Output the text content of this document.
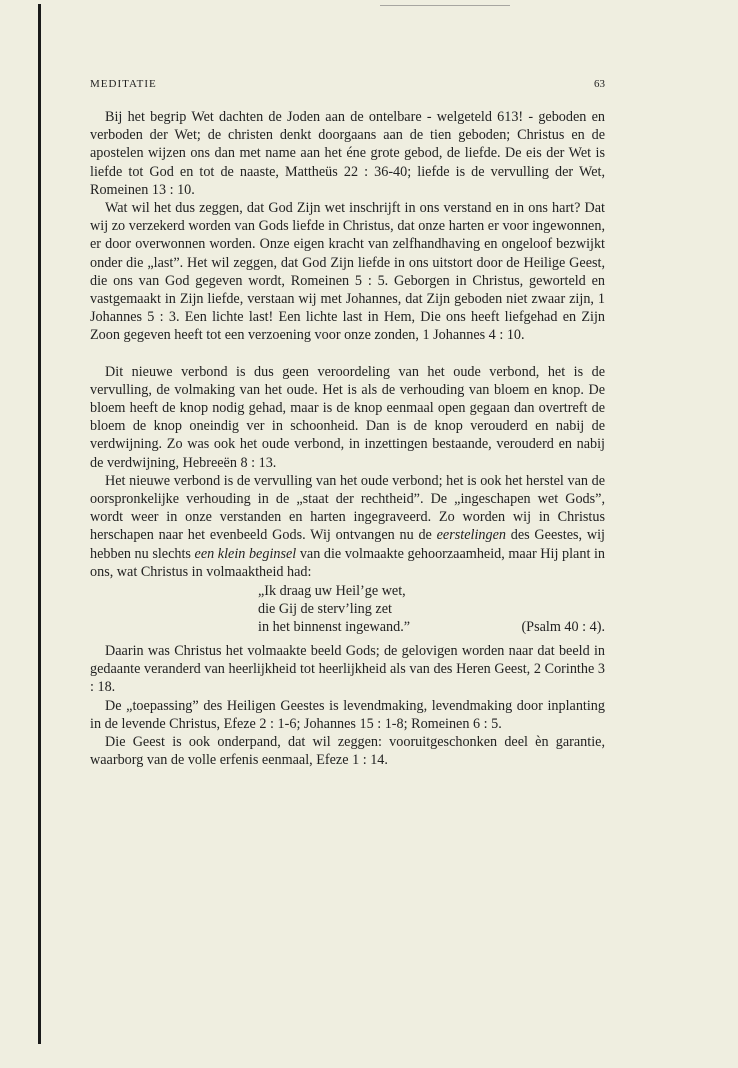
MEDITATIE	63

Bij het begrip Wet dachten de Joden aan de ontelbare - welgeteld 613! - geboden en verboden der Wet; de christen denkt doorgaans aan de tien geboden; Christus en de apostelen wijzen ons dan met name aan het éne grote gebod, de liefde. De eis der Wet is liefde tot God en tot de naaste, Mattheüs 22 : 36-40; liefde is de vervulling der Wet, Romeinen 13 : 10.

Wat wil het dus zeggen, dat God Zijn wet inschrijft in ons verstand en in ons hart? Dat wij zo verzekerd worden van Gods liefde in Christus, dat onze harten er voor ingewonnen, er door overwonnen worden. Onze eigen kracht van zelfhandhaving en ongeloof bezwijkt onder die „last”. Het wil zeggen, dat God Zijn liefde in ons uitstort door de Heilige Geest, die ons van God gegeven wordt, Romeinen 5 : 5. Geborgen in Christus, geworteld en vastgemaakt in Zijn liefde, verstaan wij met Johannes, dat Zijn geboden niet zwaar zijn, 1 Johannes 5 : 3. Een lichte last! Een lichte last in Hem, Die ons heeft liefgehad en Zijn Zoon gegeven heeft tot een verzoening voor onze zonden, 1 Johannes 4 : 10.

Dit nieuwe verbond is dus geen veroordeling van het oude verbond, het is de vervulling, de volmaking van het oude. Het is als de verhouding van bloem en knop. De bloem heeft de knop nodig gehad, maar is de knop eenmaal open gegaan dan overtreft de bloem de knop oneindig ver in schoonheid. Dan is de knop verouderd en nabij de verdwijning. Zo was ook het oude verbond, in inzettingen bestaande, verouderd en nabij de verdwijning, Hebreeën 8 : 13.

Het nieuwe verbond is de vervulling van het oude verbond; het is ook het herstel van de oorspronkelijke verhouding in de „staat der rechtheid”. De „ingeschapen wet Gods”, wordt weer in onze verstanden en harten ingegraveerd. Zo worden wij in Christus herschapen naar het evenbeeld Gods. Wij ontvangen nu de eerstelingen des Geestes, wij hebben nu slechts een klein beginsel van die volmaakte gehoorzaamheid, maar Hij plant in ons, wat Christus in volmaaktheid had:

„Ik draag uw Heil’ge wet,
die Gij de sterv’ling zet
in het binnenst ingewand.”	(Psalm 40 : 4).

Daarin was Christus het volmaakte beeld Gods; de gelovigen worden naar dat beeld in gedaante veranderd van heerlijkheid tot heerlijkheid als van des Heren Geest, 2 Corinthe 3 : 18.

De „toepassing” des Heiligen Geestes is levendmaking, levendmaking door inplanting in de levende Christus, Efeze 2 : 1-6; Johannes 15 : 1-8; Romeinen 6 : 5.

Die Geest is ook onderpand, dat wil zeggen: vooruitgeschonken deel èn garantie, waarborg van de volle erfenis eenmaal, Efeze 1 : 14.
